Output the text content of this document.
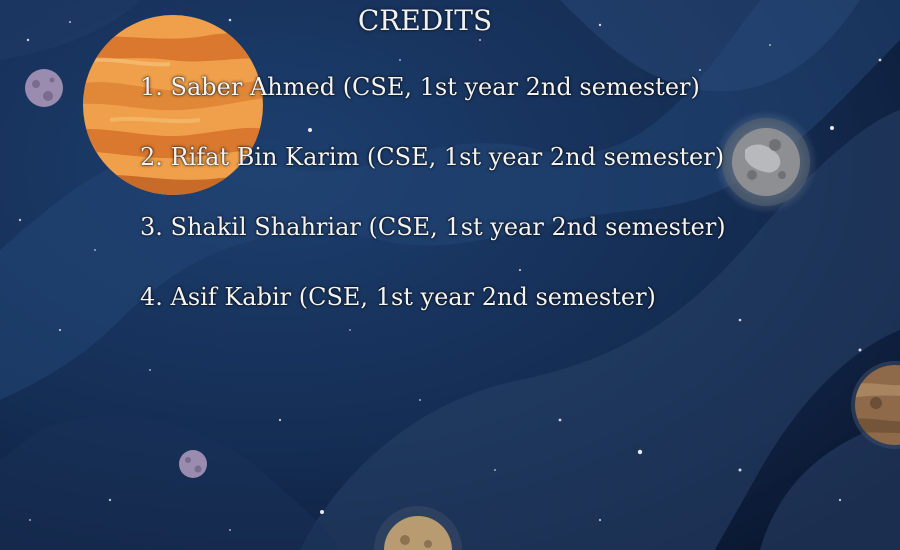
CREDITS
1. Saber Ahmed (CSE, 1st year 2nd semester)
2. Rifat Bin Karim (CSE, 1st year 2nd semester)
3. Shakil Shahriar (CSE, 1st year 2nd semester)
4. Asif Kabir (CSE, 1st year 2nd semester)
